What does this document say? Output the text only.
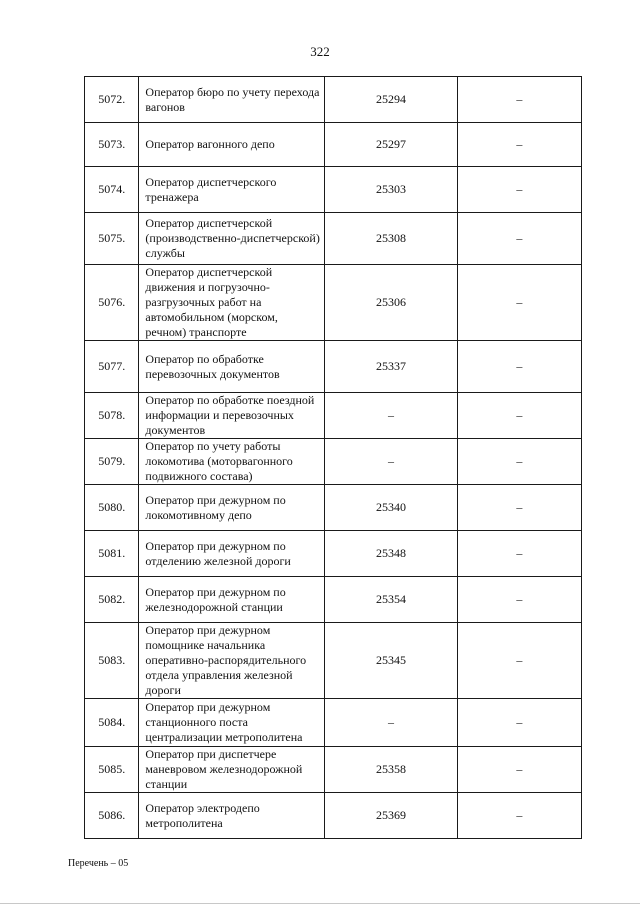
322
5072.	Оператор бюро по учету перехода вагонов	25294	–
5073.	Оператор вагонного депо	25297	–
5074.	Оператор диспетчерского тренажера	25303	–
5075.	Оператор диспетчерской (производственно-диспетчерской) службы	25308	–
5076.	Оператор диспетчерской движения и погрузочно-разгрузочных работ на автомобильном (морском, речном) транспорте	25306	–
5077.	Оператор по обработке перевозочных документов	25337	–
5078.	Оператор по обработке поездной информации и перевозочных документов	–	–
5079.	Оператор по учету работы локомотива (моторвагонного подвижного состава)	–	–
5080.	Оператор при дежурном по локомотивному депо	25340	–
5081.	Оператор при дежурном по отделению железной дороги	25348	–
5082.	Оператор при дежурном по железнодорожной станции	25354	–
5083.	Оператор при дежурном помощнике начальника оперативно-распорядительного отдела управления железной дороги	25345	–
5084.	Оператор при дежурном станционного поста централизации метрополитена	–	–
5085.	Оператор при диспетчере маневровом железнодорожной станции	25358	–
5086.	Оператор электродепо метрополитена	25369	–
Перечень – 05
